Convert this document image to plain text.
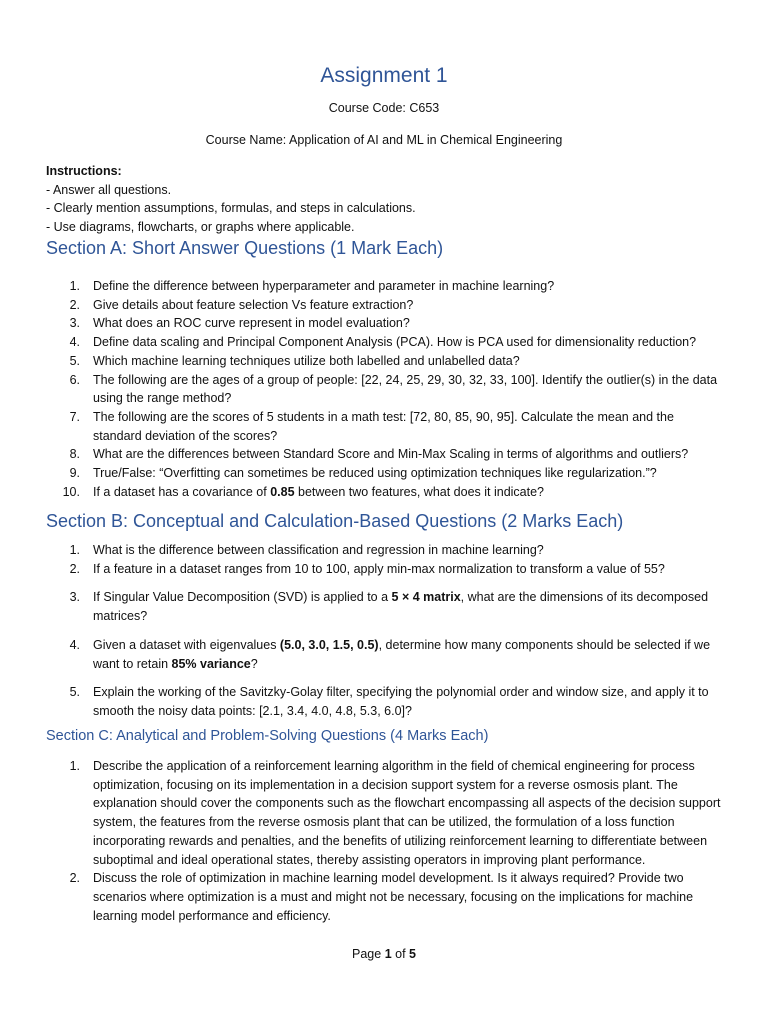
Assignment 1

Course Code: C653

Course Name: Application of AI and ML in Chemical Engineering

Instructions:

- Answer all questions.

- Clearly mention assumptions, formulas, and steps in calculations.

- Use diagrams, flowcharts, or graphs where applicable.

Section A: Short Answer Questions (1 Mark Each)
1. Define the difference between hyperparameter and parameter in machine learning?
2. Give details about feature selection Vs feature extraction?
3. What does an ROC curve represent in model evaluation?
4. Define data scaling and Principal Component Analysis (PCA). How is PCA used for dimensionality reduction?
5. Which machine learning techniques utilize both labelled and unlabelled data?
6. The following are the ages of a group of people: [22, 24, 25, 29, 30, 32, 33, 100]. Identify the outlier(s) in the data using the range method?
7. The following are the scores of 5 students in a math test: [72, 80, 85, 90, 95]. Calculate the mean and the standard deviation of the scores?
8. What are the differences between Standard Score and Min-Max Scaling in terms of algorithms and outliers?
9. True/False: “Overfitting can sometimes be reduced using optimization techniques like regularization.”?
10. If a dataset has a covariance of 0.85 between two features, what does it indicate?
Section B: Conceptual and Calculation-Based Questions (2 Marks Each)
1. What is the difference between classification and regression in machine learning?
2. If a feature in a dataset ranges from 10 to 100, apply min-max normalization to transform a value of 55?
3. If Singular Value Decomposition (SVD) is applied to a 5 × 4 matrix, what are the dimensions of its decomposed matrices?
4. Given a dataset with eigenvalues (5.0, 3.0, 1.5, 0.5), determine how many components should be selected if we want to retain 85% variance?
5. Explain the working of the Savitzky-Golay filter, specifying the polynomial order and window size, and apply it to smooth the noisy data points: [2.1, 3.4, 4.0, 4.8, 5.3, 6.0]?
Section C: Analytical and Problem-Solving Questions (4 Marks Each)
1. Describe the application of a reinforcement learning algorithm in the field of chemical engineering for process optimization, focusing on its implementation in a decision support system for a reverse osmosis plant. The explanation should cover the components such as the flowchart encompassing all aspects of the decision support system, the features from the reverse osmosis plant that can be utilized, the formulation of a loss function incorporating rewards and penalties, and the benefits of utilizing reinforcement learning to differentiate between suboptimal and ideal operational states, thereby assisting operators in improving plant performance.
2. Discuss the role of optimization in machine learning model development. Is it always required? Provide two scenarios where optimization is a must and might not be necessary, focusing on the implications for machine learning model performance and efficiency.
Page 1 of 5
